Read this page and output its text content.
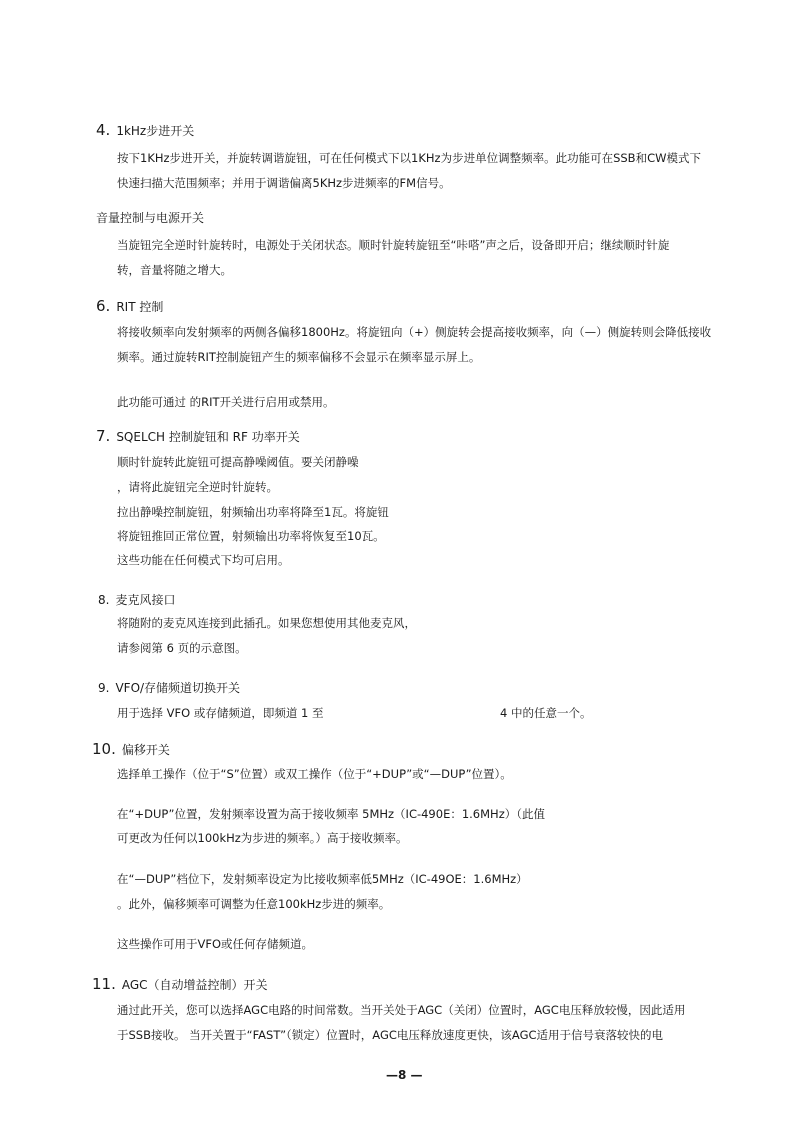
4. 1kHz步进开关
按下1KHz步进开关，并旋转调谐旋钮，可在任何模式下以1KHz为步进单位调整频率。此功能可在SSB和CW模式下
快速扫描大范围频率；并用于调谐偏离5KHz步进频率的FM信号。
音量控制与电源开关
当旋钮完全逆时针旋转时，电源处于关闭状态。顺时针旋转旋钮至“咔嗒”声之后，设备即开启；继续顺时针旋
转，音量将随之增大。
6. RIT 控制
将接收频率向发射频率的两侧各偏移1800Hz。将旋钮向（+）侧旋转会提高接收频率，向（—）侧旋转则会降低接收
频率。通过旋转RIT控制旋钮产生的频率偏移不会显示在频率显示屏上。
此功能可通过 的RIT开关进行启用或禁用。
7. SQELCH 控制旋钮和 RF 功率开关
顺时针旋转此旋钮可提高静噪阈值。要关闭静噪
，请将此旋钮完全逆时针旋转。
拉出静噪控制旋钮，射频输出功率将降至1瓦。将旋钮
将旋钮推回正常位置，射频输出功率将恢复至10瓦。
这些功能在任何模式下均可启用。
8. 麦克风接口
将随附的麦克风连接到此插孔。如果您想使用其他麦克风，
请参阅第 6 页的示意图。
9. VFO/存储频道切换开关
用于选择 VFO 或存储频道，即频道 1 至	4 中的任意一个。
10. 偏移开关
选择单工操作（位于“S”位置）或双工操作（位于“+DUP”或“—DUP”位置）。
在“+DUP”位置，发射频率设置为高于接收频率 5MHz（IC-490E：1.6MHz）（此值
可更改为任何以100kHz为步进的频率。）高于接收频率。
在“—DUP”档位下，发射频率设定为比接收频率低5MHz（IC-49OE：1.6MHz）
。此外，偏移频率可调整为任意100kHz步进的频率。
这些操作可用于VFO或任何存储频道。
11. AGC（自动增益控制）开关
通过此开关，您可以选择AGC电路的时间常数。当开关处于AGC（关闭）位置时，AGC电压释放较慢，因此适用
于SSB接收。 当开关置于“FAST”（锁定）位置时，AGC电压释放速度更快，该AGC适用于信号衰落较快的电
—8 —
